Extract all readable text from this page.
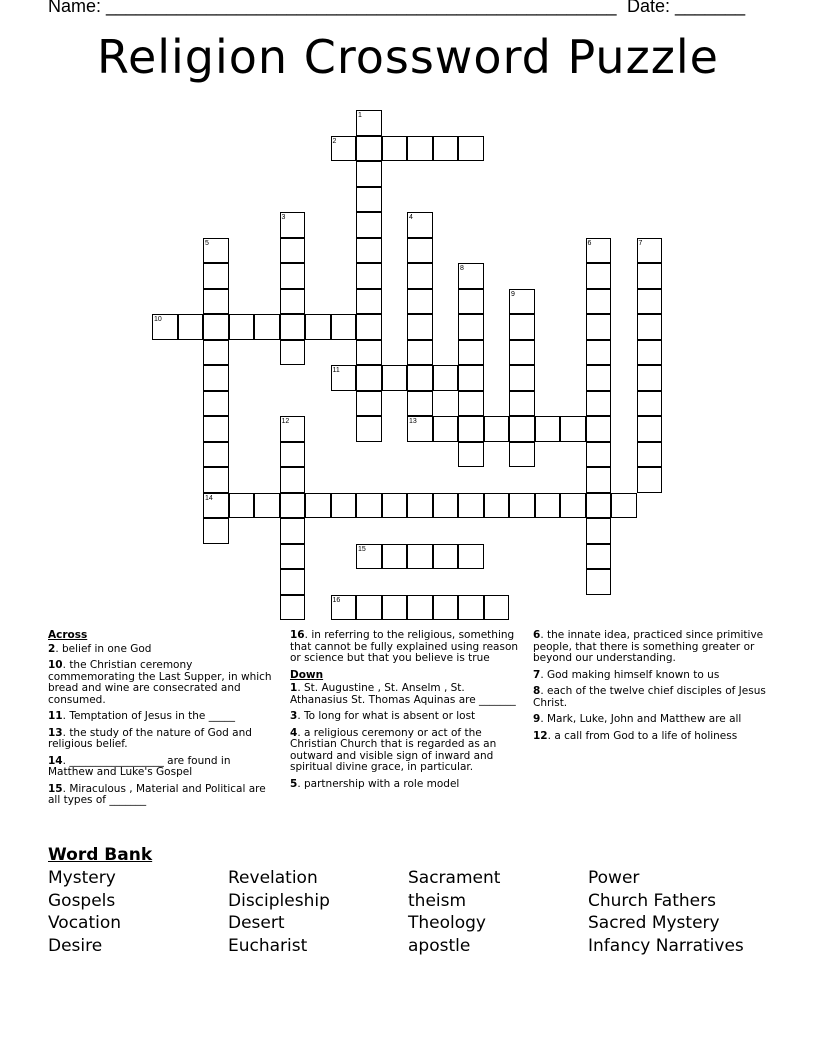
Name: ___________________________________________________ Date: _______
Religion Crossword Puzzle
1
2
3	4
5	6	7
8
9
10
11
12	13
14
15
16
Across
2. belief in one God
10. the Christian ceremony commemorating the Last Supper, in which bread and wine are consecrated and consumed.
11. Temptation of Jesus in the _____
13. the study of the nature of God and religious belief.
14. __________________ are found in Matthew and Luke's Gospel
15. Miraculous , Material and Political are all types of _______
16. in referring to the religious, something that cannot be fully explained using reason or science but that you believe is true
Down
1. St. Augustine , St. Anselm , St. Athanasius St. Thomas Aquinas are _______
3. To long for what is absent or lost
4. a religious ceremony or act of the Christian Church that is regarded as an outward and visible sign of inward and spiritual divine grace, in particular.
5. partnership with a role model
6. the innate idea, practiced since primitive people, that there is something greater or beyond our understanding.
7. God making himself known to us
8. each of the twelve chief disciples of Jesus Christ.
9. Mark, Luke, John and Matthew are all
12. a call from God to a life of holiness
Word Bank
Mystery
Gospels
Vocation
Desire
Revelation
Discipleship
Desert
Eucharist
Sacrament
theism
Theology
apostle
Power
Church Fathers
Sacred Mystery
Infancy Narratives
